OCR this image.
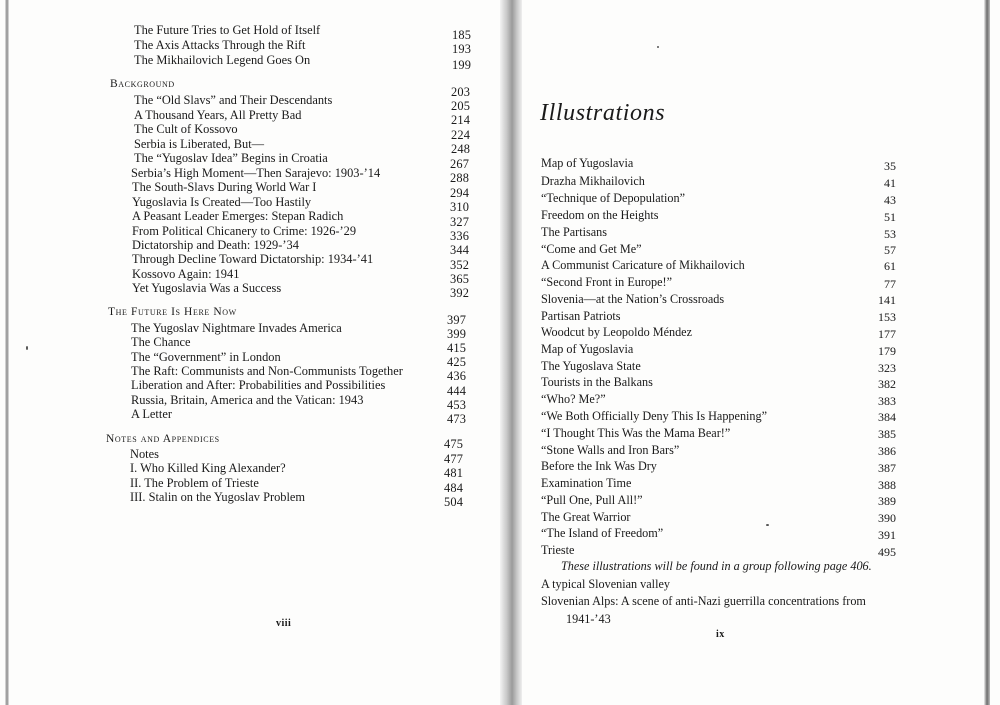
The Future Tries to Get Hold of Itself
The Axis Attacks Through the Rift
The Mikhailovich Legend Goes On
185
193
199
Background
The “Old Slavs” and Their Descendants
A Thousand Years, All Pretty Bad
The Cult of Kossovo
Serbia is Liberated, But—
The “Yugoslav Idea” Begins in Croatia
Serbia’s High Moment—Then Sarajevo: 1903-’14
The South-Slavs During World War I
Yugoslavia Is Created—Too Hastily
A Peasant Leader Emerges: Stepan Radich
From Political Chicanery to Crime: 1926-’29
Dictatorship and Death: 1929-’34
Through Decline Toward Dictatorship: 1934-’41
Kossovo Again: 1941
Yet Yugoslavia Was a Success
203
205
214
224
248
267
288
294
310
327
336
344
352
365
392
The Future Is Here Now
The Yugoslav Nightmare Invades America
The Chance
The “Government” in London
The Raft: Communists and Non-Communists Together
Liberation and After: Probabilities and Possibilities
Russia, Britain, America and the Vatican: 1943
A Letter
397
399
415
425
436
444
453
473
Notes and Appendices
Notes
I. Who Killed King Alexander?
II. The Problem of Trieste
III. Stalin on the Yugoslav Problem
475
477
481
484
504
viii
Illustrations
Map of Yugoslavia
Drazha Mikhailovich
“Technique of Depopulation”
Freedom on the Heights
The Partisans
“Come and Get Me”
A Communist Caricature of Mikhailovich
“Second Front in Europe!”
Slovenia—at the Nation’s Crossroads
Partisan Patriots
Woodcut by Leopoldo Méndez
Map of Yugoslavia
The Yugoslava State
Tourists in the Balkans
“Who? Me?”
“We Both Officially Deny This Is Happening”
“I Thought This Was the Mama Bear!”
“Stone Walls and Iron Bars”
Before the Ink Was Dry
Examination Time
“Pull One, Pull All!”
The Great Warrior
“The Island of Freedom”
Trieste
35
41
43
51
53
57
61
77
141
153
177
179
323
382
383
384
385
386
387
388
389
390
391
495
These illustrations will be found in a group following page 406.
A typical Slovenian valley
Slovenian Alps: A scene of anti-Nazi guerrilla concentrations from
1941-’43
ix
